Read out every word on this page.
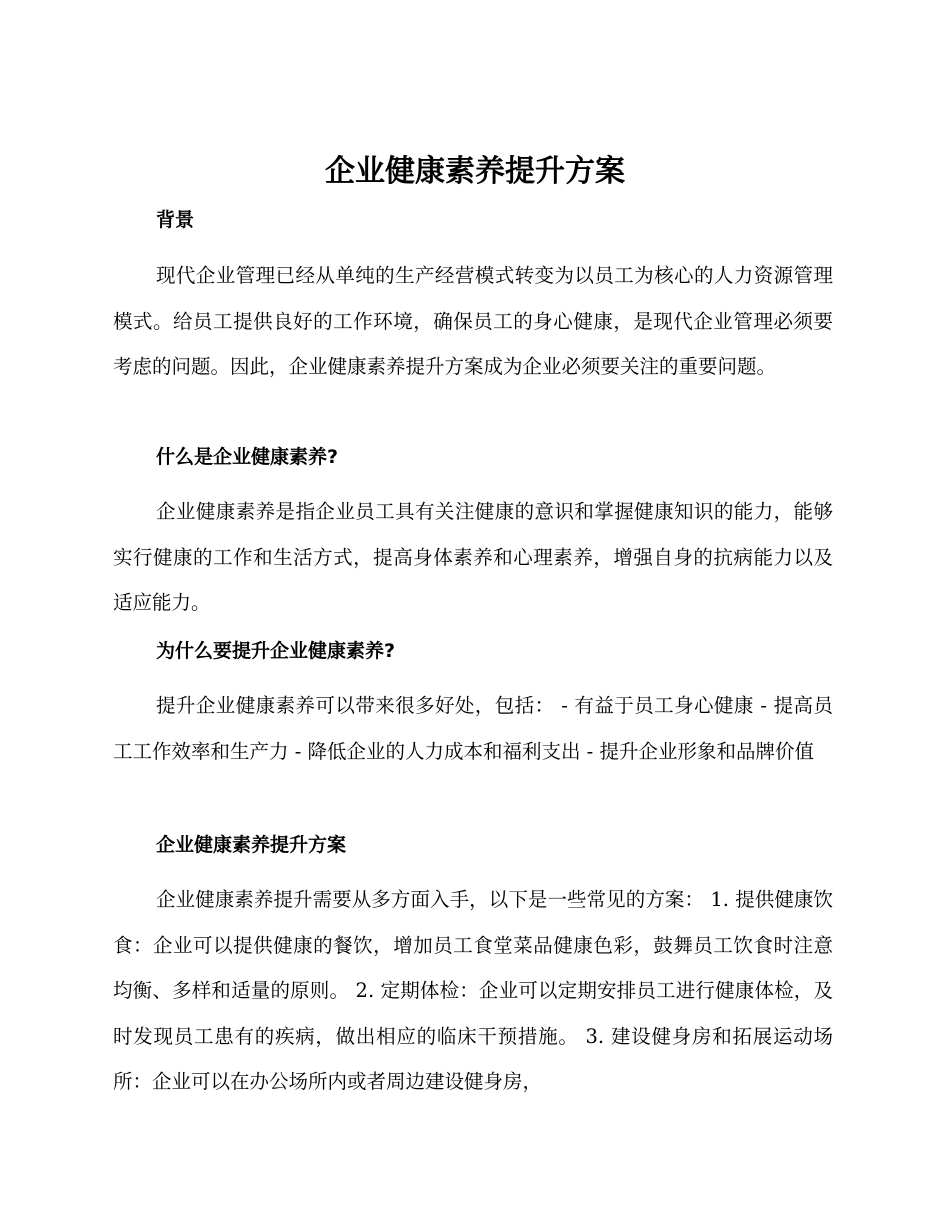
企业健康素养提升方案
背景

现代企业管理已经从单纯的生产经营模式转变为以员工为核心的人力资源管理模式。给员工提供良好的工作环境，确保员工的身心健康，是现代企业管理必须要考虑的问题。因此，企业健康素养提升方案成为企业必须要关注的重要问题。

什么是企业健康素养?

企业健康素养是指企业员工具有关注健康的意识和掌握健康知识的能力，能够实行健康的工作和生活方式，提高身体素养和心理素养，增强自身的抗病能力以及适应能力。

为什么要提升企业健康素养?

提升企业健康素养可以带来很多好处，包括： - 有益于员工身心健康 - 提高员工工作效率和生产力 - 降低企业的人力成本和福利支出 - 提升企业形象和品牌价值

企业健康素养提升方案

企业健康素养提升需要从多方面入手，以下是一些常见的方案： 1. 提供健康饮食：企业可以提供健康的餐饮，增加员工食堂菜品健康色彩，鼓舞员工饮食时注意均衡、多样和适量的原则。 2. 定期体检：企业可以定期安排员工进行健康体检，及时发现员工患有的疾病，做出相应的临床干预措施。 3. 建设健身房和拓展运动场所：企业可以在办公场所内或者周边建设健身房，
